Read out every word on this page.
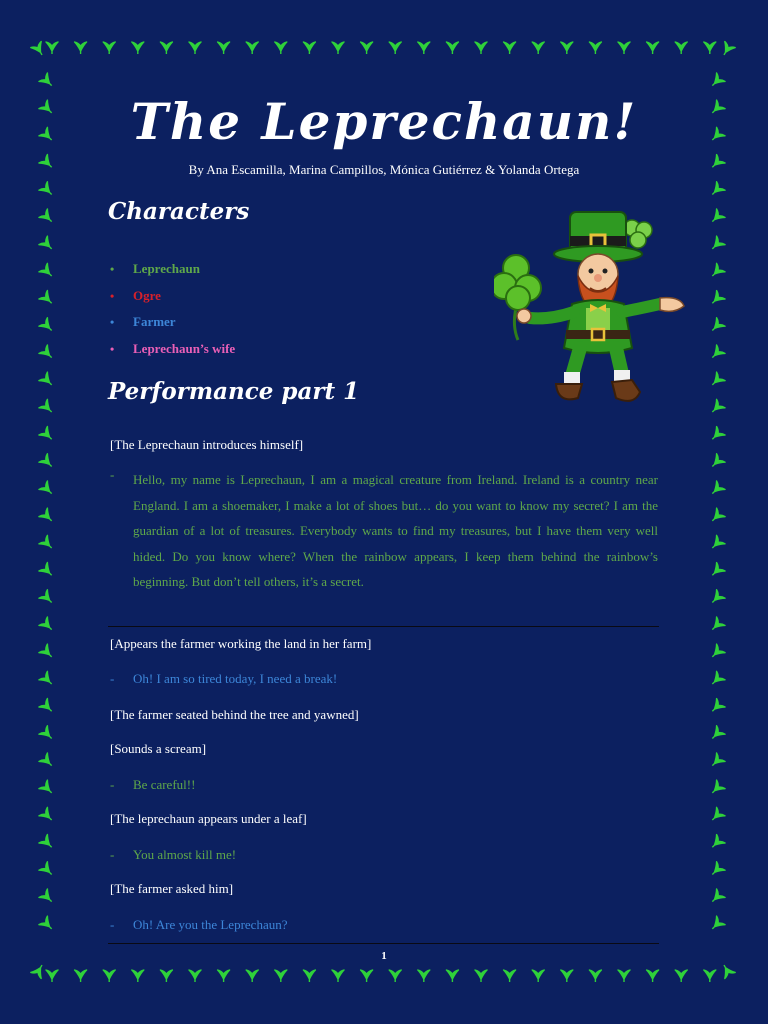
The Leprechaun!
By Ana Escamilla, Marina Campillos, Mónica Gutiérrez & Yolanda Ortega
Characters
• Leprechaun
• Ogre
• Farmer
• Leprechaun’s wife
Performance part 1

[The Leprechaun introduces himself]

- Hello, my name is Leprechaun, I am a magical creature from Ireland. Ireland is a country near England. I am a shoemaker, I make a lot of shoes but… do you want to know my secret? I am the guardian of a lot of treasures. Everybody wants to find my treasures, but I have them very well hided. Do you know where? When the rainbow appears, I keep them behind the rainbow’s beginning. But don’t tell others, it’s a secret.

[Appears the farmer working the land in her farm]

- Oh! I am so tired today, I need a break!

[The farmer seated behind the tree and yawned]

[Sounds a scream]

- Be careful!!

[The leprechaun appears under a leaf]

- You almost kill me!

[The farmer asked him]

- Oh! Are you the Leprechaun?
1
